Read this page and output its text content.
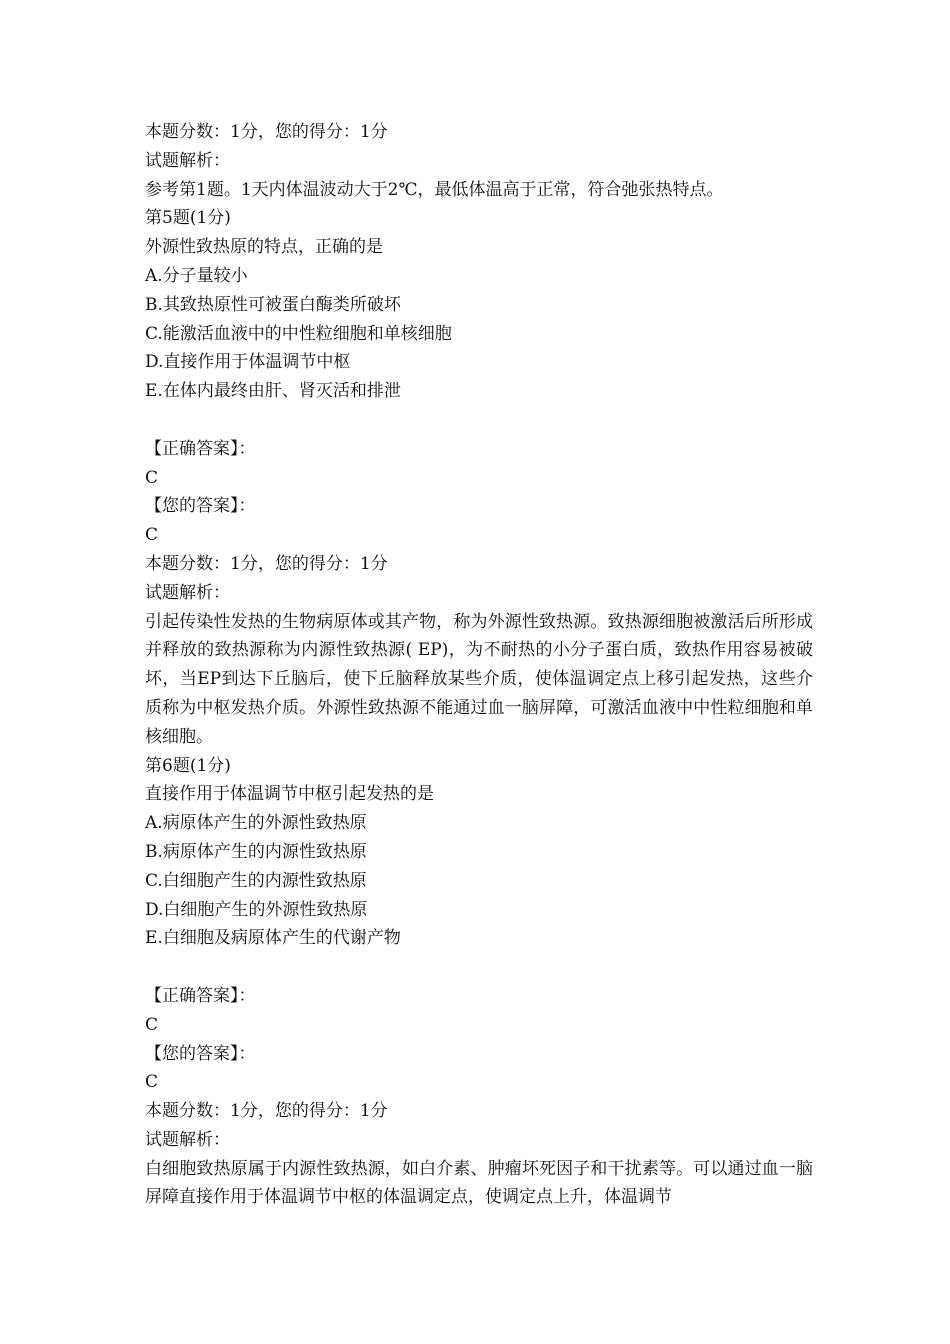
本题分数：1分，您的得分：1分

试题解析：

参考第1题。1天内体温波动大于2℃，最低体温高于正常，符合弛张热特点。

第5题(1分)

外源性致热原的特点，正确的是

A.分子量较小

B.其致热原性可被蛋白酶类所破坏

C.能激活血液中的中性粒细胞和单核细胞

D.直接作用于体温调节中枢

E.在体内最终由肝、肾灭活和排泄

【正确答案】：

C

【您的答案】：

C

本题分数：1分，您的得分：1分

试题解析：

引起传染性发热的生物病原体或其产物，称为外源性致热源。致热源细胞被激活后所形成并释放的致热源称为内源性致热源( EP)，为不耐热的小分子蛋白质，致热作用容易被破坏，当EP到达下丘脑后，使下丘脑释放某些介质，使体温调定点上移引起发热，这些介质称为中枢发热介质。外源性致热源不能通过血一脑屏障，可激活血液中中性粒细胞和单核细胞。

第6题(1分)

直接作用于体温调节中枢引起发热的是

A.病原体产生的外源性致热原

B.病原体产生的内源性致热原

C.白细胞产生的内源性致热原

D.白细胞产生的外源性致热原

E.白细胞及病原体产生的代谢产物

【正确答案】：

C

【您的答案】：

C

本题分数：1分，您的得分：1分

试题解析：

白细胞致热原属于内源性致热源，如白介素、肿瘤坏死因子和干扰素等。可以通过血一脑屏障直接作用于体温调节中枢的体温调定点，使调定点上升，体温调节
